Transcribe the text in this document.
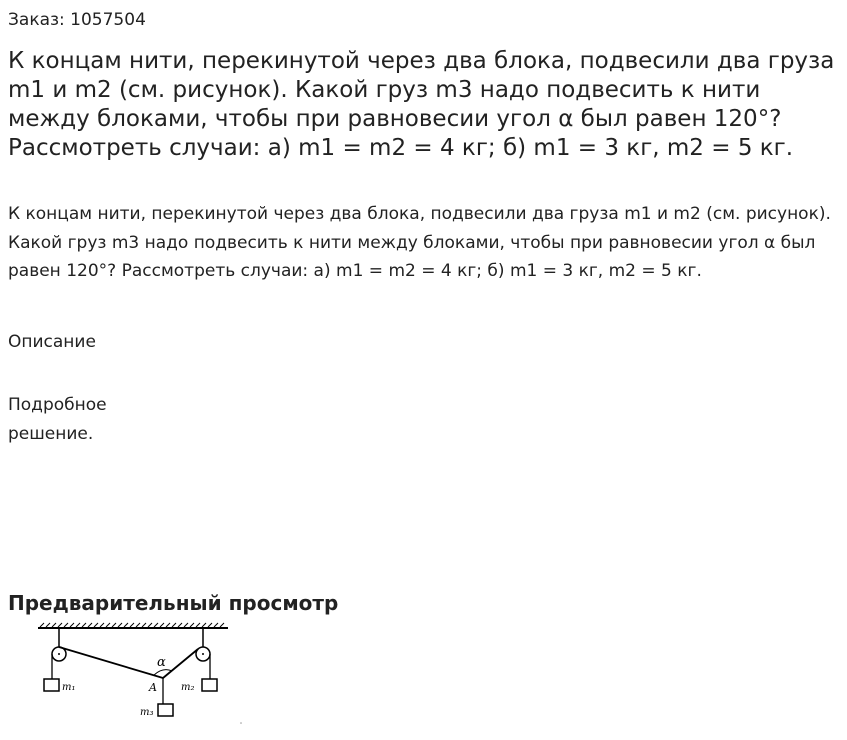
Заказ: 1057504
К концам нити, перекинутой через два блока, подвесили два груза m1 и m2 (см. рисунок). Какой груз m3 надо подвесить к нити между блоками, чтобы при равновесии угол α был равен 120°? Рассмотреть случаи: а) m1 = m2 = 4 кг; б) m1 = 3 кг, m2 = 5 кг.

К концам нити, перекинутой через два блока, подвесили два груза m1 и m2 (см. рисунок). Какой груз m3 надо подвесить к нити между блоками, чтобы при равновесии угол α был равен 120°? Рассмотреть случаи: а) m1 = m2 = 4 кг; б) m1 = 3 кг, m2 = 5 кг.

Описание
Подробное решение.
Предварительный просмотр
α
A
m₁	m₂
m₃
